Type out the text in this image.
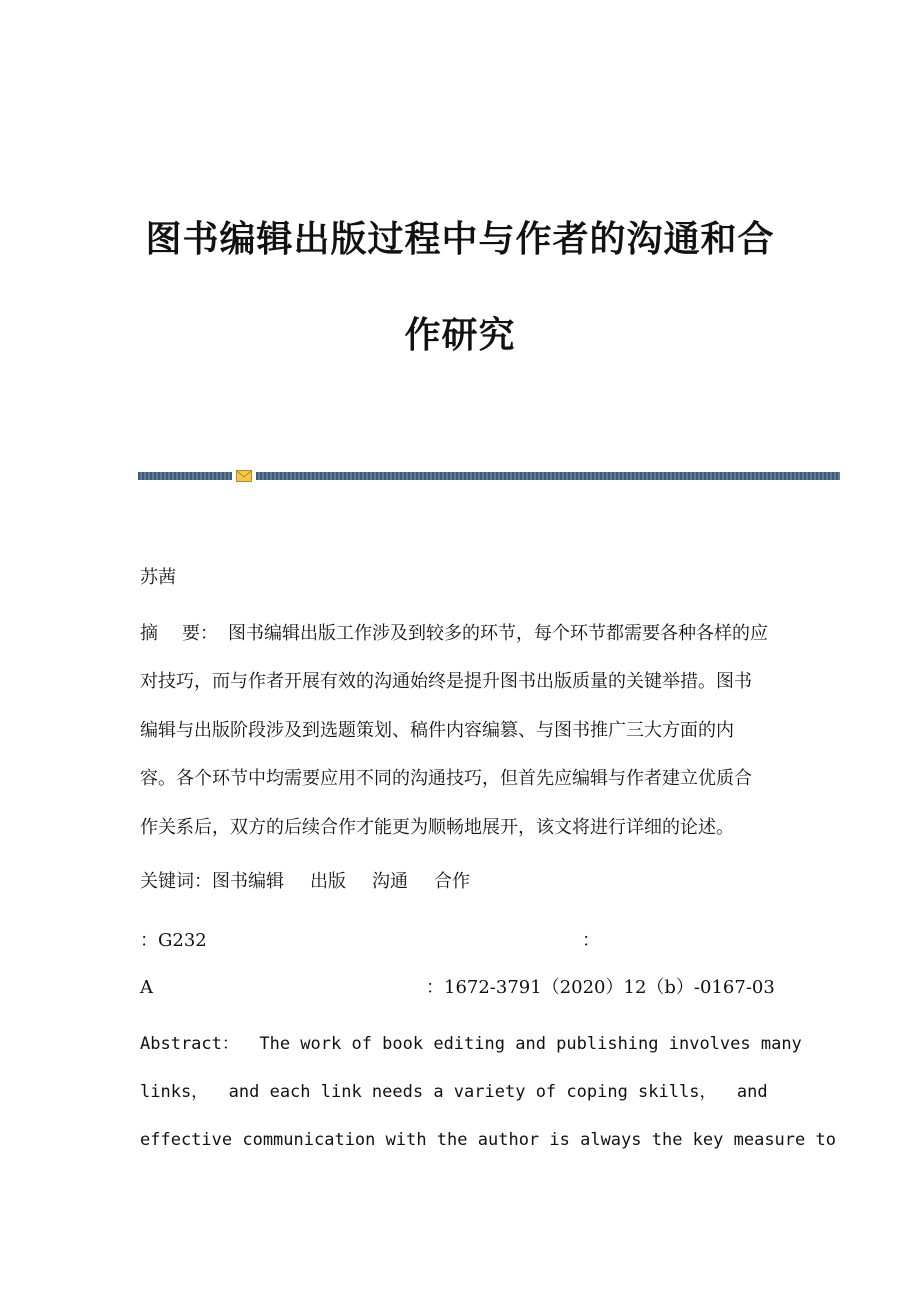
图书编辑出版过程中与作者的沟通和合
作研究
苏茜
摘 要： 图书编辑出版工作涉及到较多的环节，每个环节都需要各种各样的应
对技巧，而与作者开展有效的沟通始终是提升图书出版质量的关键举措。图书
编辑与出版阶段涉及到选题策划、稿件内容编篡、与图书推广三大方面的内
容。各个环节中均需要应用不同的沟通技巧，但首先应编辑与作者建立优质合
作关系后，双方的后续合作才能更为顺畅地展开，该文将进行详细的论述。
关键词：图书编辑 出版 沟通 合作
：G232	：
A	：1672-3791（2020）12（b）-0167-03
Abstract：  The work of book editing and publishing involves many
links，  and each link needs a variety of coping skills，  and
effective communication with the author is always the key measure to
